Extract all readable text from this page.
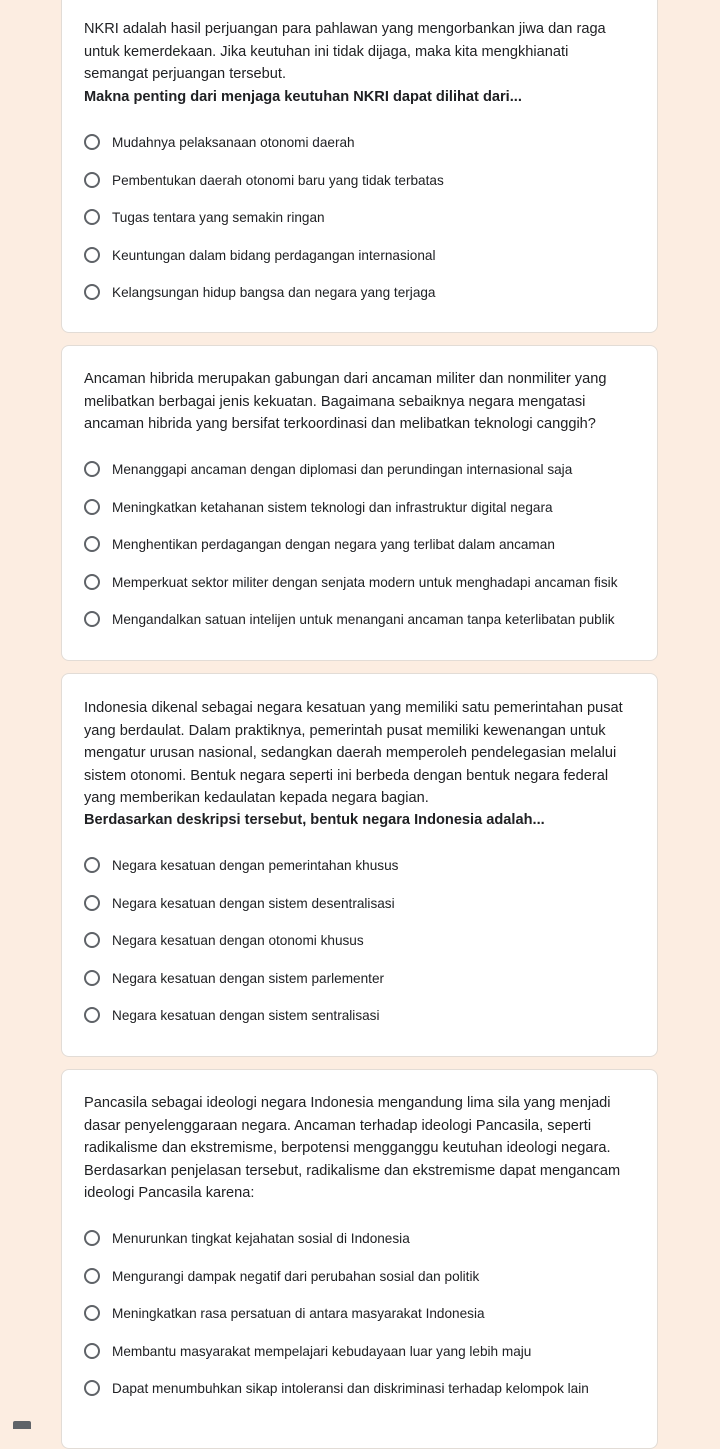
NKRI adalah hasil perjuangan para pahlawan yang mengorbankan jiwa dan raga
untuk kemerdekaan. Jika keutuhan ini tidak dijaga, maka kita mengkhianati
semangat perjuangan tersebut.
Makna penting dari menjaga keutuhan NKRI dapat dilihat dari...
Mudahnya pelaksanaan otonomi daerah
Pembentukan daerah otonomi baru yang tidak terbatas
Tugas tentara yang semakin ringan
Keuntungan dalam bidang perdagangan internasional
Kelangsungan hidup bangsa dan negara yang terjaga
Ancaman hibrida merupakan gabungan dari ancaman militer dan nonmiliter yang
melibatkan berbagai jenis kekuatan. Bagaimana sebaiknya negara mengatasi
ancaman hibrida yang bersifat terkoordinasi dan melibatkan teknologi canggih?
Menanggapi ancaman dengan diplomasi dan perundingan internasional saja
Meningkatkan ketahanan sistem teknologi dan infrastruktur digital negara
Menghentikan perdagangan dengan negara yang terlibat dalam ancaman
Memperkuat sektor militer dengan senjata modern untuk menghadapi ancaman fisik
Mengandalkan satuan intelijen untuk menangani ancaman tanpa keterlibatan publik
Indonesia dikenal sebagai negara kesatuan yang memiliki satu pemerintahan pusat
yang berdaulat. Dalam praktiknya, pemerintah pusat memiliki kewenangan untuk
mengatur urusan nasional, sedangkan daerah memperoleh pendelegasian melalui
sistem otonomi. Bentuk negara seperti ini berbeda dengan bentuk negara federal
yang memberikan kedaulatan kepada negara bagian.
Berdasarkan deskripsi tersebut, bentuk negara Indonesia adalah...
Negara kesatuan dengan pemerintahan khusus
Negara kesatuan dengan sistem desentralisasi
Negara kesatuan dengan otonomi khusus
Negara kesatuan dengan sistem parlementer
Negara kesatuan dengan sistem sentralisasi
Pancasila sebagai ideologi negara Indonesia mengandung lima sila yang menjadi
dasar penyelenggaraan negara. Ancaman terhadap ideologi Pancasila, seperti
radikalisme dan ekstremisme, berpotensi mengganggu keutuhan ideologi negara.
Berdasarkan penjelasan tersebut, radikalisme dan ekstremisme dapat mengancam
ideologi Pancasila karena:
Menurunkan tingkat kejahatan sosial di Indonesia
Mengurangi dampak negatif dari perubahan sosial dan politik
Meningkatkan rasa persatuan di antara masyarakat Indonesia
Membantu masyarakat mempelajari kebudayaan luar yang lebih maju
Dapat menumbuhkan sikap intoleransi dan diskriminasi terhadap kelompok lain
